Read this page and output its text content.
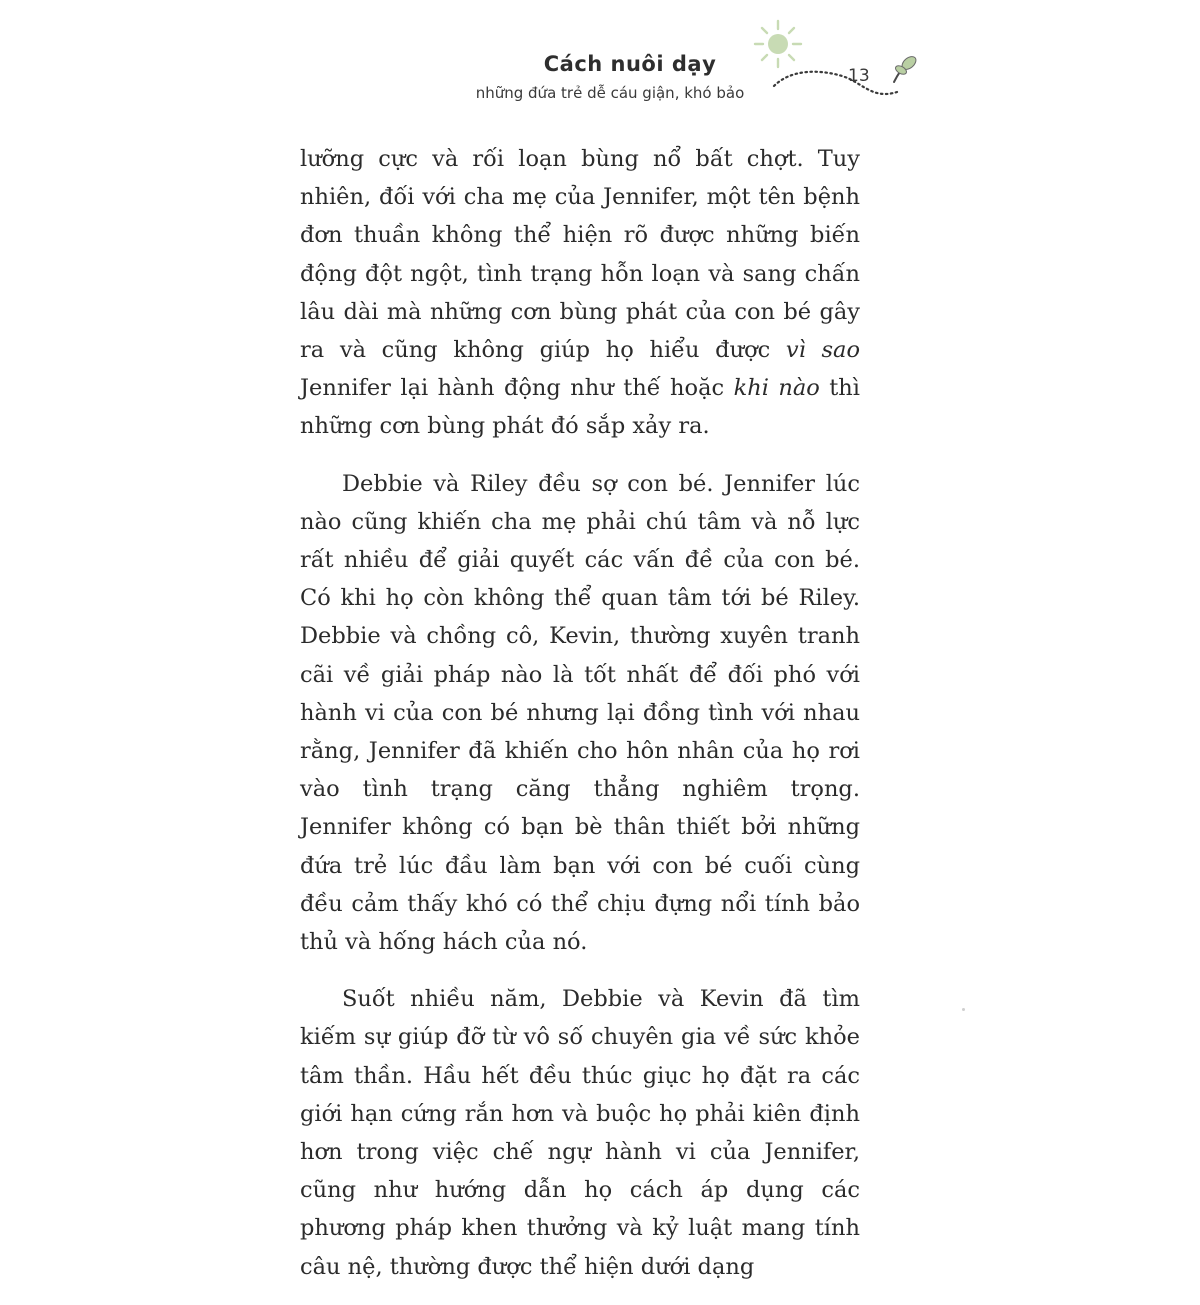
Cách nuôi dạy
những đứa trẻ dễ cáu giận, khó bảo
13

lưỡng cực và rối loạn bùng nổ bất chợt. Tuy nhiên, đối với cha mẹ của Jennifer, một tên bệnh đơn thuần không thể hiện rõ được những biến động đột ngột, tình trạng hỗn loạn và sang chấn lâu dài mà những cơn bùng phát của con bé gây ra và cũng không giúp họ hiểu được vì sao Jennifer lại hành động như thế hoặc khi nào thì những cơn bùng phát đó sắp xảy ra.

Debbie và Riley đều sợ con bé. Jennifer lúc nào cũng khiến cha mẹ phải chú tâm và nỗ lực rất nhiều để giải quyết các vấn đề của con bé. Có khi họ còn không thể quan tâm tới bé Riley. Debbie và chồng cô, Kevin, thường xuyên tranh cãi về giải pháp nào là tốt nhất để đối phó với hành vi của con bé nhưng lại đồng tình với nhau rằng, Jennifer đã khiến cho hôn nhân của họ rơi vào tình trạng căng thẳng nghiêm trọng. Jennifer không có bạn bè thân thiết bởi những đứa trẻ lúc đầu làm bạn với con bé cuối cùng đều cảm thấy khó có thể chịu đựng nổi tính bảo thủ và hống hách của nó.

Suốt nhiều năm, Debbie và Kevin đã tìm kiếm sự giúp đỡ từ vô số chuyên gia về sức khỏe tâm thần. Hầu hết đều thúc giục họ đặt ra các giới hạn cứng rắn hơn và buộc họ phải kiên định hơn trong việc chế ngự hành vi của Jennifer, cũng như hướng dẫn họ cách áp dụng các phương pháp khen thưởng và kỷ luật mang tính câu nệ, thường được thể hiện dưới dạng
